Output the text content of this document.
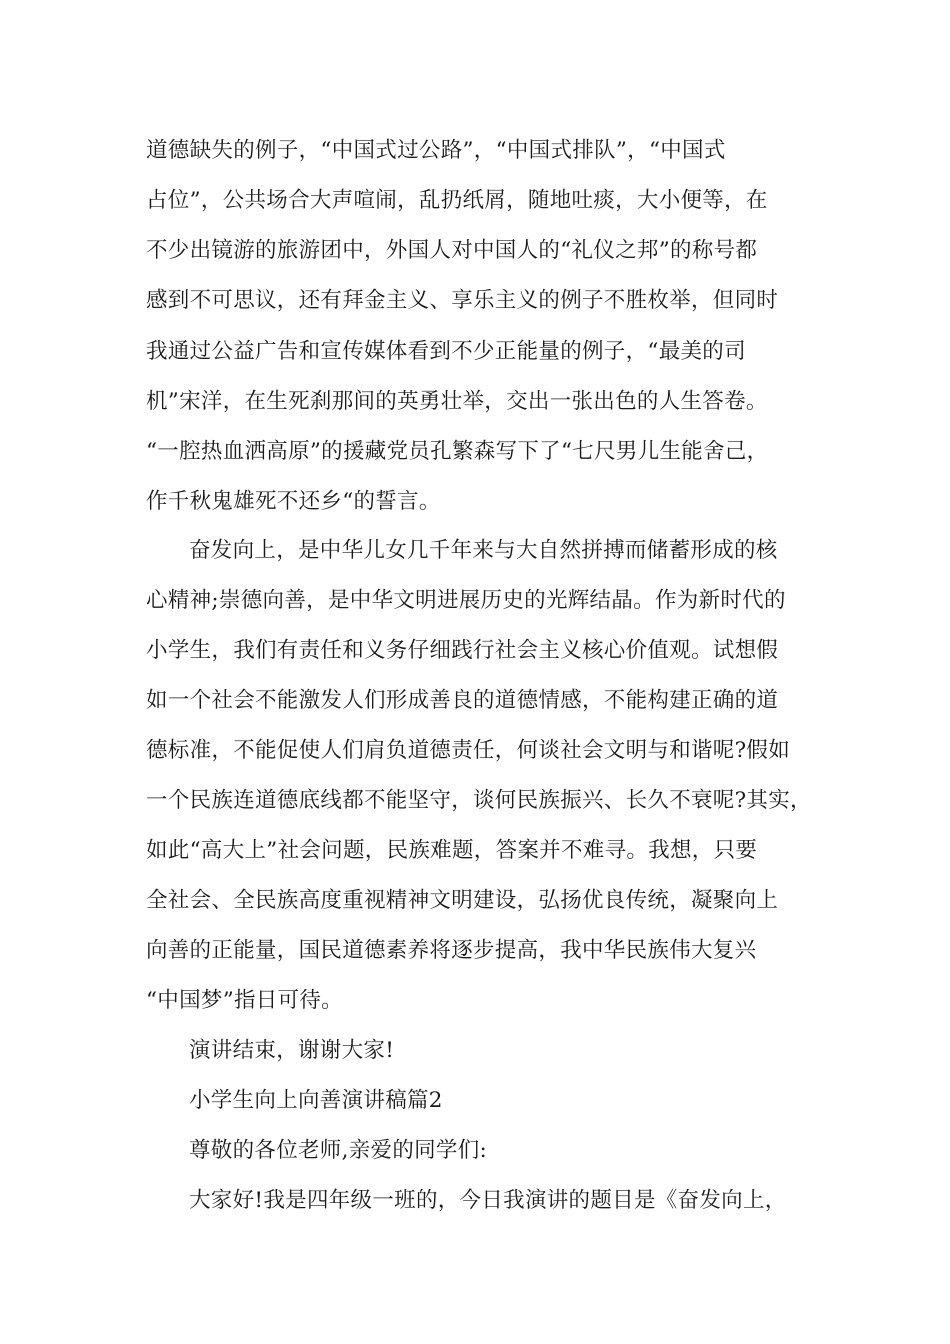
道德缺失的例子，“中国式过公路”，“中国式排队”，“中国式
占位”，公共场合大声喧闹，乱扔纸屑，随地吐痰，大小便等，在
不少出镜游的旅游团中，外国人对中国人的“礼仪之邦”的称号都
感到不可思议，还有拜金主义、享乐主义的例子不胜枚举，但同时
我通过公益广告和宣传媒体看到不少正能量的例子，“最美的司
机”宋洋，在生死刹那间的英勇壮举，交出一张出色的人生答卷。
“一腔热血洒高原”的援藏党员孔繁森写下了“七尺男儿生能舍己，
作千秋鬼雄死不还乡“的誓言。
奋发向上，是中华儿女几千年来与大自然拼搏而储蓄形成的核
心精神;崇德向善，是中华文明进展历史的光辉结晶。作为新时代的
小学生，我们有责任和义务仔细践行社会主义核心价值观。试想假
如一个社会不能激发人们形成善良的道德情感，不能构建正确的道
德标准，不能促使人们肩负道德责任，何谈社会文明与和谐呢?假如
一个民族连道德底线都不能坚守，谈何民族振兴、长久不衰呢?其实，
如此“高大上”社会问题，民族难题，答案并不难寻。我想，只要
全社会、全民族高度重视精神文明建设，弘扬优良传统，凝聚向上
向善的正能量，国民道德素养将逐步提高，我中华民族伟大复兴
“中国梦”指日可待。
演讲结束，谢谢大家!
小学生向上向善演讲稿篇2
尊敬的各位老师,亲爱的同学们:
大家好!我是四年级一班的，今日我演讲的题目是《奋发向上，
